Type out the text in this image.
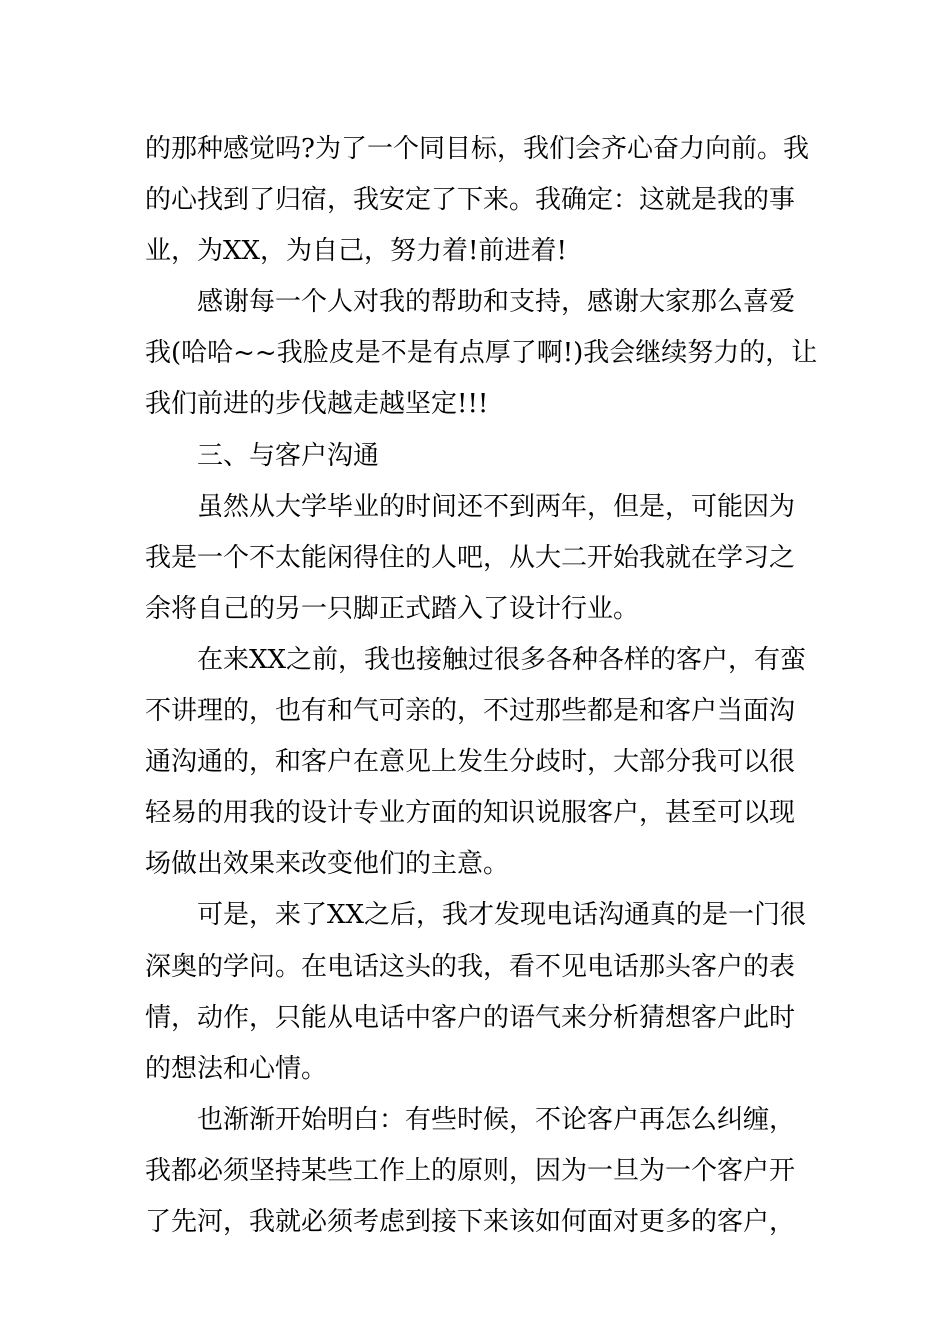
的那种感觉吗?为了一个同目标，我们会齐心奋力向前。我
的心找到了归宿，我安定了下来。我确定：这就是我的事
业，为XX，为自己，努力着!前进着!
感谢每一个人对我的帮助和支持，感谢大家那么喜爱
我(哈哈~~我脸皮是不是有点厚了啊!)我会继续努力的，让
我们前进的步伐越走越坚定!!!
三、与客户沟通
虽然从大学毕业的时间还不到两年，但是，可能因为
我是一个不太能闲得住的人吧，从大二开始我就在学习之
余将自己的另一只脚正式踏入了设计行业。
在来XX之前，我也接触过很多各种各样的客户，有蛮
不讲理的，也有和气可亲的，不过那些都是和客户当面沟
通沟通的，和客户在意见上发生分歧时，大部分我可以很
轻易的用我的设计专业方面的知识说服客户，甚至可以现
场做出效果来改变他们的主意。
可是，来了XX之后，我才发现电话沟通真的是一门很
深奥的学问。在电话这头的我，看不见电话那头客户的表
情，动作，只能从电话中客户的语气来分析猜想客户此时
的想法和心情。
也渐渐开始明白：有些时候，不论客户再怎么纠缠，
我都必须坚持某些工作上的原则，因为一旦为一个客户开
了先河，我就必须考虑到接下来该如何面对更多的客户，
